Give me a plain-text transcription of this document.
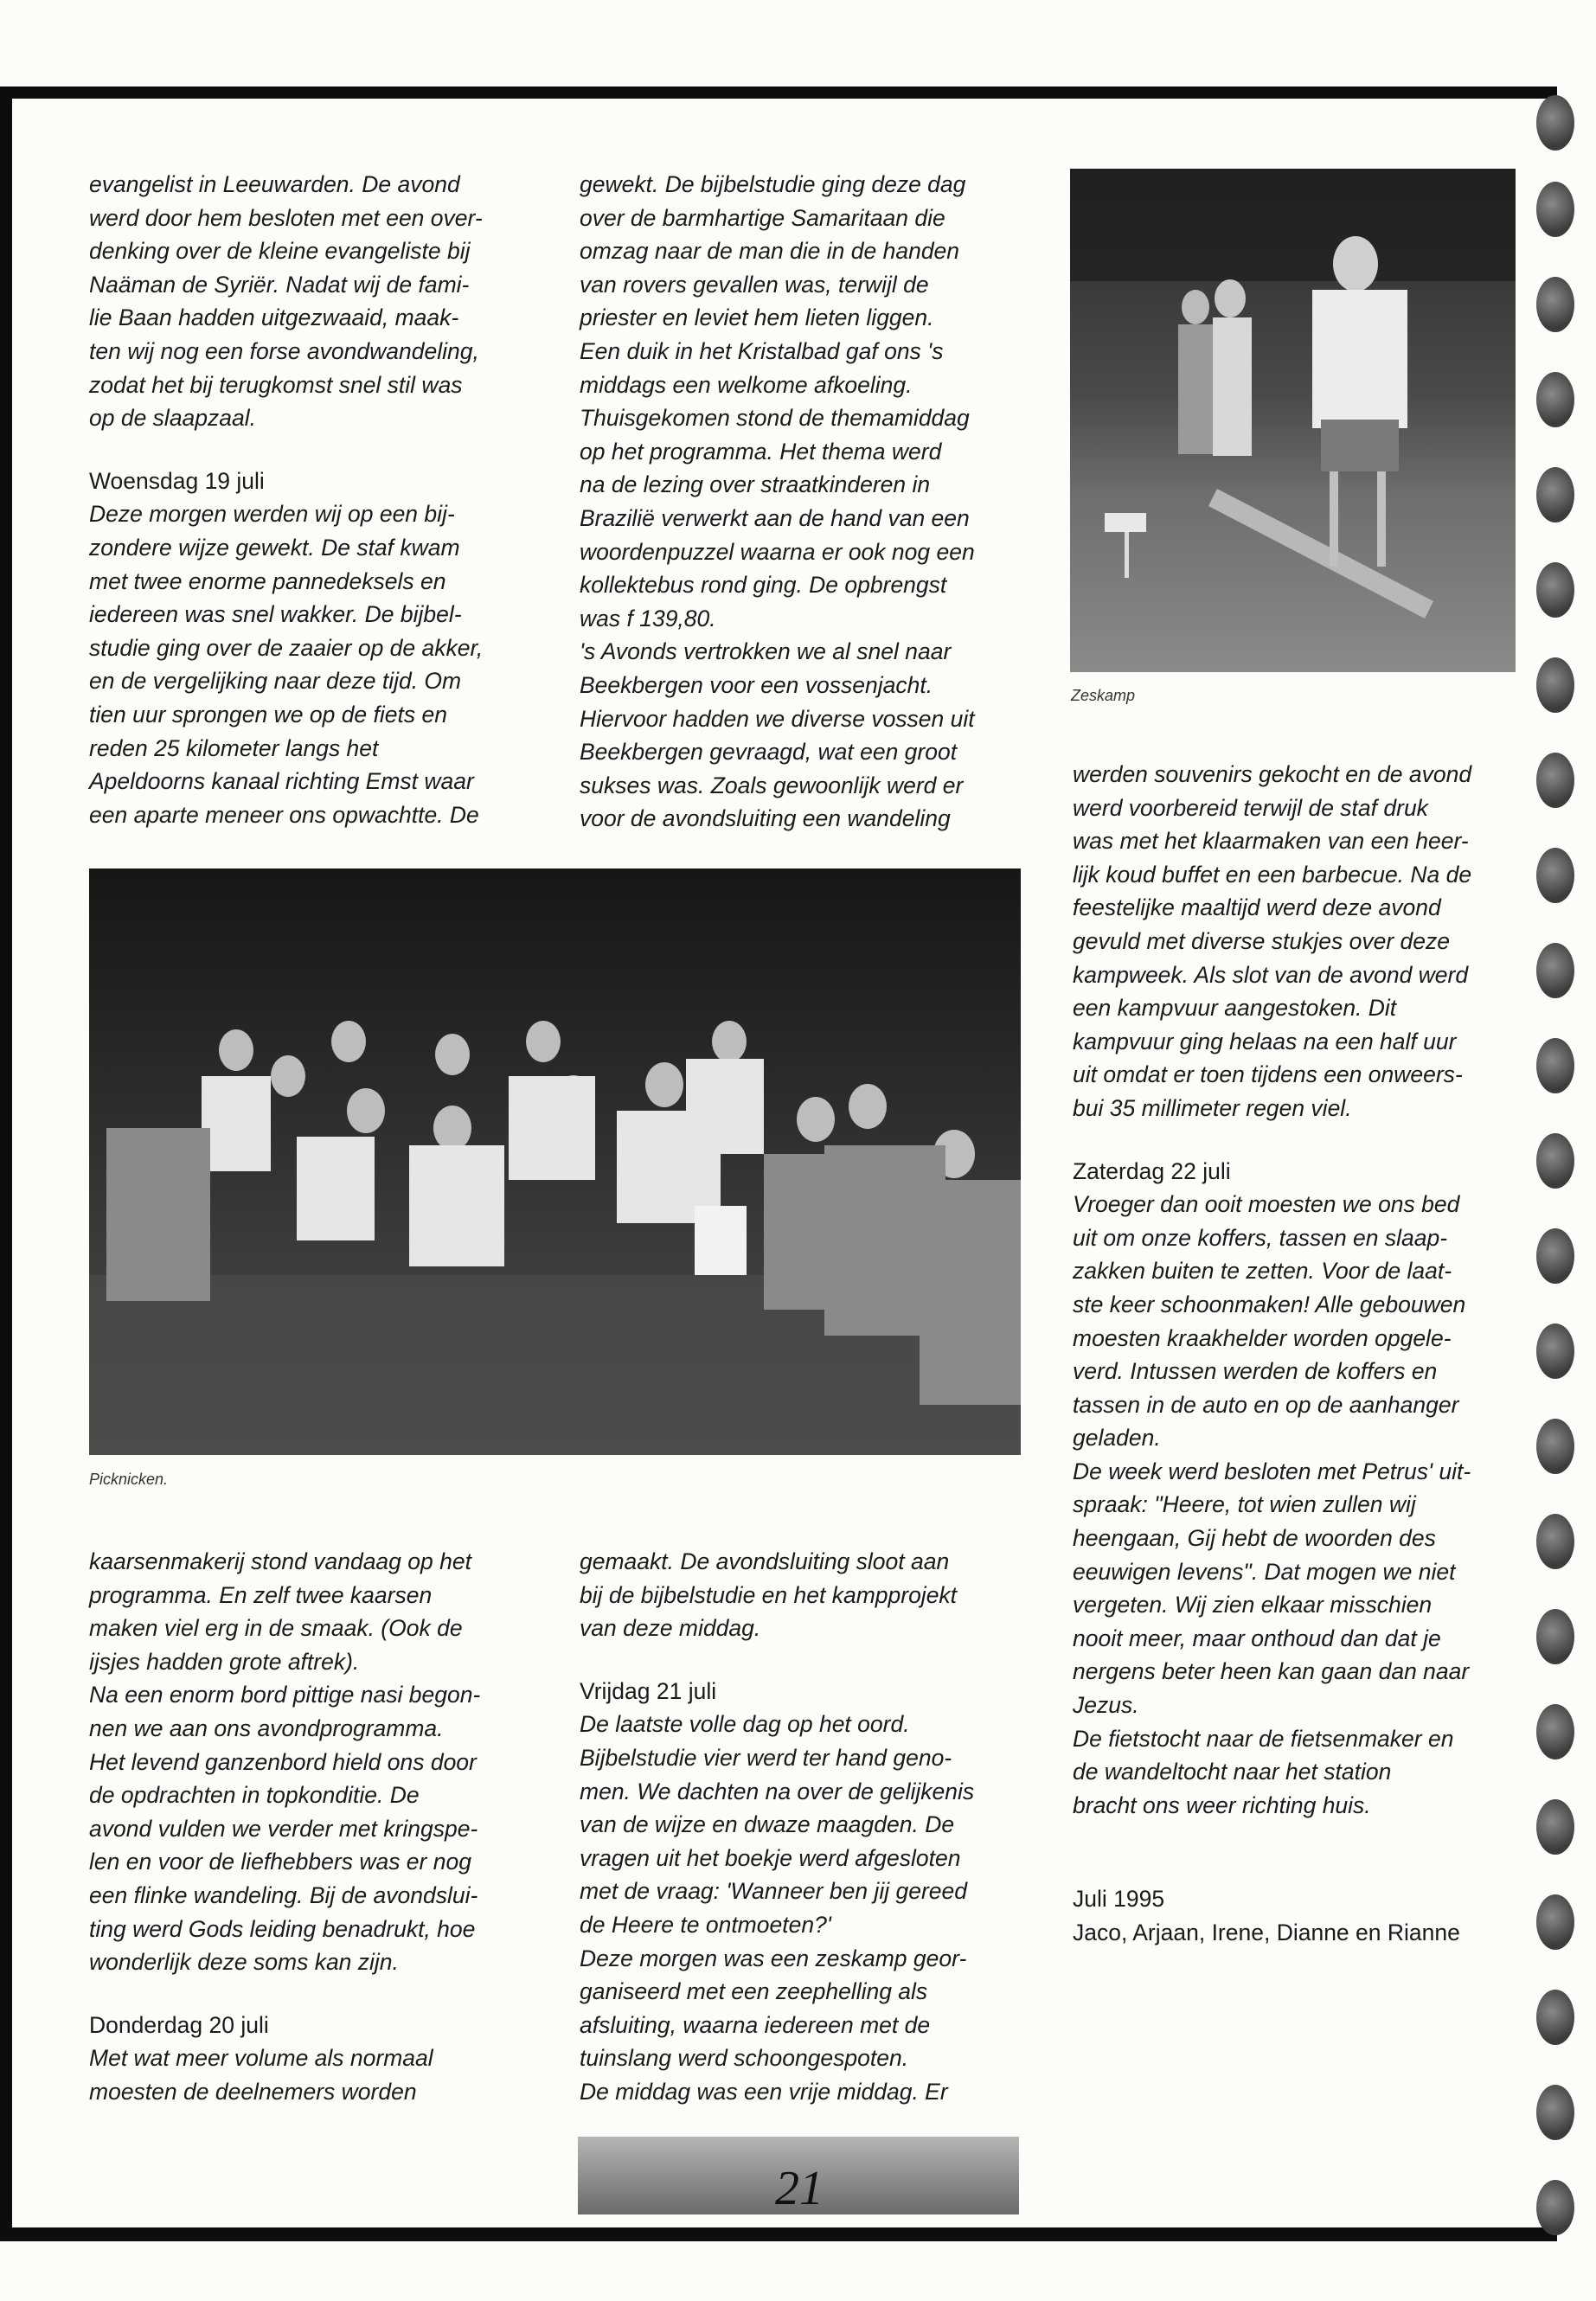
evangelist in Leeuwarden. De avond
werd door hem besloten met een over-
denking over de kleine evangeliste bij
Naäman de Syriër. Nadat wij de fami-
lie Baan hadden uitgezwaaid, maak-
ten wij nog een forse avondwandeling,
zodat het bij terugkomst snel stil was
op de slaapzaal.

Woensdag 19 juli

Deze morgen werden wij op een bij-
zondere wijze gewekt. De staf kwam
met twee enorme pannedeksels en
iedereen was snel wakker. De bijbel-
studie ging over de zaaier op de akker,
en de vergelijking naar deze tijd. Om
tien uur sprongen we op de fiets en
reden 25 kilometer langs het
Apeldoorns kanaal richting Emst waar
een aparte meneer ons opwachtte. De
gewekt. De bijbelstudie ging deze dag
over de barmhartige Samaritaan die
omzag naar de man die in de handen
van rovers gevallen was, terwijl de
priester en leviet hem lieten liggen.
Een duik in het Kristalbad gaf ons 's
middags een welkome afkoeling.
Thuisgekomen stond de themamiddag
op het programma. Het thema werd
na de lezing over straatkinderen in
Brazilië verwerkt aan de hand van een
woordenpuzzel waarna er ook nog een
kollektebus rond ging. De opbrengst
was f 139,80.
's Avonds vertrokken we al snel naar
Beekbergen voor een vossenjacht.
Hiervoor hadden we diverse vossen uit
Beekbergen gevraagd, wat een groot
sukses was. Zoals gewoonlijk werd er
voor de avondsluiting een wandeling
Zeskamp
werden souvenirs gekocht en de avond
werd voorbereid terwijl de staf druk
was met het klaarmaken van een heer-
lijk koud buffet en een barbecue. Na de
feestelijke maaltijd werd deze avond
gevuld met diverse stukjes over deze
kampweek. Als slot van de avond werd
een kampvuur aangestoken. Dit
kampvuur ging helaas na een half uur
uit omdat er toen tijdens een onweers-
bui 35 millimeter regen viel.

Zaterdag 22 juli

Vroeger dan ooit moesten we ons bed
uit om onze koffers, tassen en slaap-
zakken buiten te zetten. Voor de laat-
ste keer schoonmaken! Alle gebouwen
moesten kraakhelder worden opgele-
verd. Intussen werden de koffers en
tassen in de auto en op de aanhanger
geladen.
De week werd besloten met Petrus' uit-
spraak: "Heere, tot wien zullen wij
heengaan, Gij hebt de woorden des
eeuwigen levens". Dat mogen we niet
vergeten. Wij zien elkaar misschien
nooit meer, maar onthoud dan dat je
nergens beter heen kan gaan dan naar
Jezus.
De fietstocht naar de fietsenmaker en
de wandeltocht naar het station
bracht ons weer richting huis.

Juli 1995

Jaco, Arjaan, Irene, Dianne en Rianne

Picknicken.
kaarsenmakerij stond vandaag op het
programma. En zelf twee kaarsen
maken viel erg in de smaak. (Ook de
ijsjes hadden grote aftrek).
Na een enorm bord pittige nasi begon-
nen we aan ons avondprogramma.
Het levend ganzenbord hield ons door
de opdrachten in topkonditie. De
avond vulden we verder met kringspe-
len en voor de liefhebbers was er nog
een flinke wandeling. Bij de avondslui-
ting werd Gods leiding benadrukt, hoe
wonderlijk deze soms kan zijn.

Donderdag 20 juli

Met wat meer volume als normaal
moesten de deelnemers worden
gemaakt. De avondsluiting sloot aan
bij de bijbelstudie en het kampprojekt
van deze middag.

Vrijdag 21 juli

De laatste volle dag op het oord.
Bijbelstudie vier werd ter hand geno-
men. We dachten na over de gelijkenis
van de wijze en dwaze maagden. De
vragen uit het boekje werd afgesloten
met de vraag: 'Wanneer ben jij gereed
de Heere te ontmoeten?'
Deze morgen was een zeskamp geor-
ganiseerd met een zeephelling als
afsluiting, waarna iedereen met de
tuinslang werd schoongespoten.
De middag was een vrije middag. Er
21
